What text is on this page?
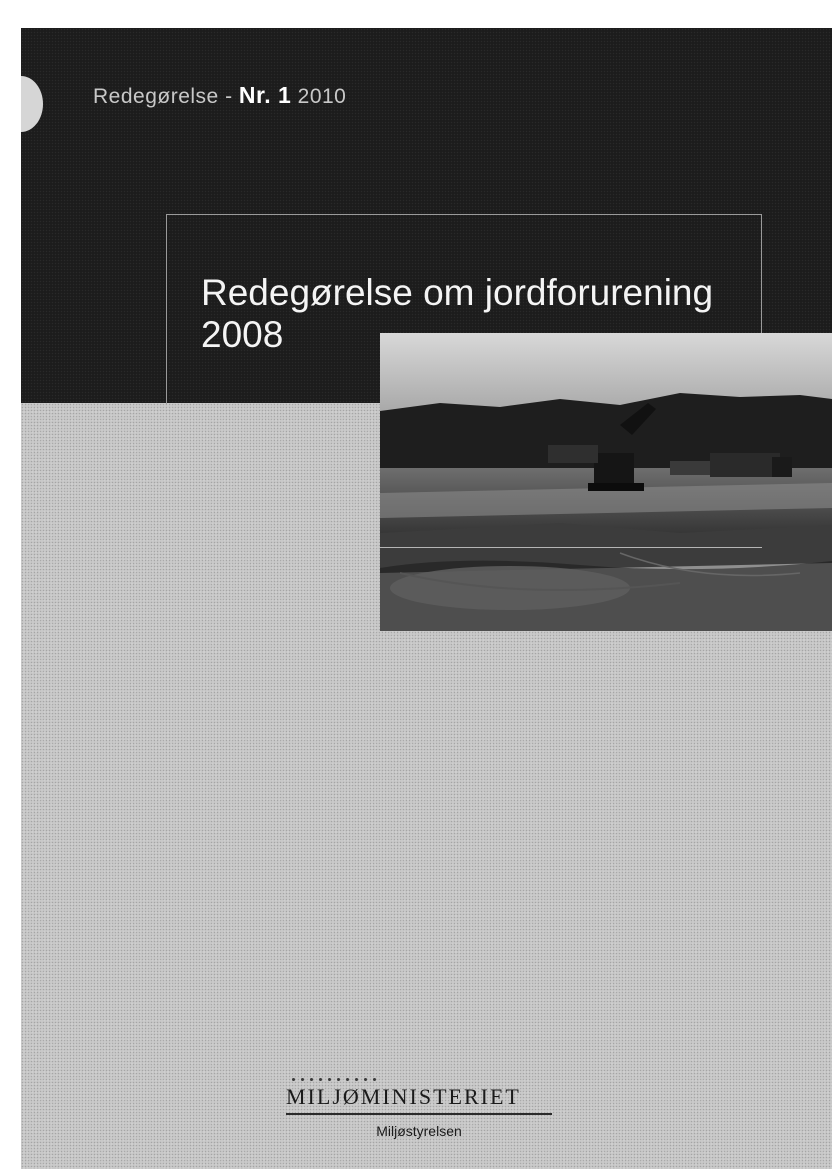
Redegørelse - Nr. 1 2010
Redegørelse om jordforurening
2008
MILJØMINISTERIET
Miljøstyrelsen
